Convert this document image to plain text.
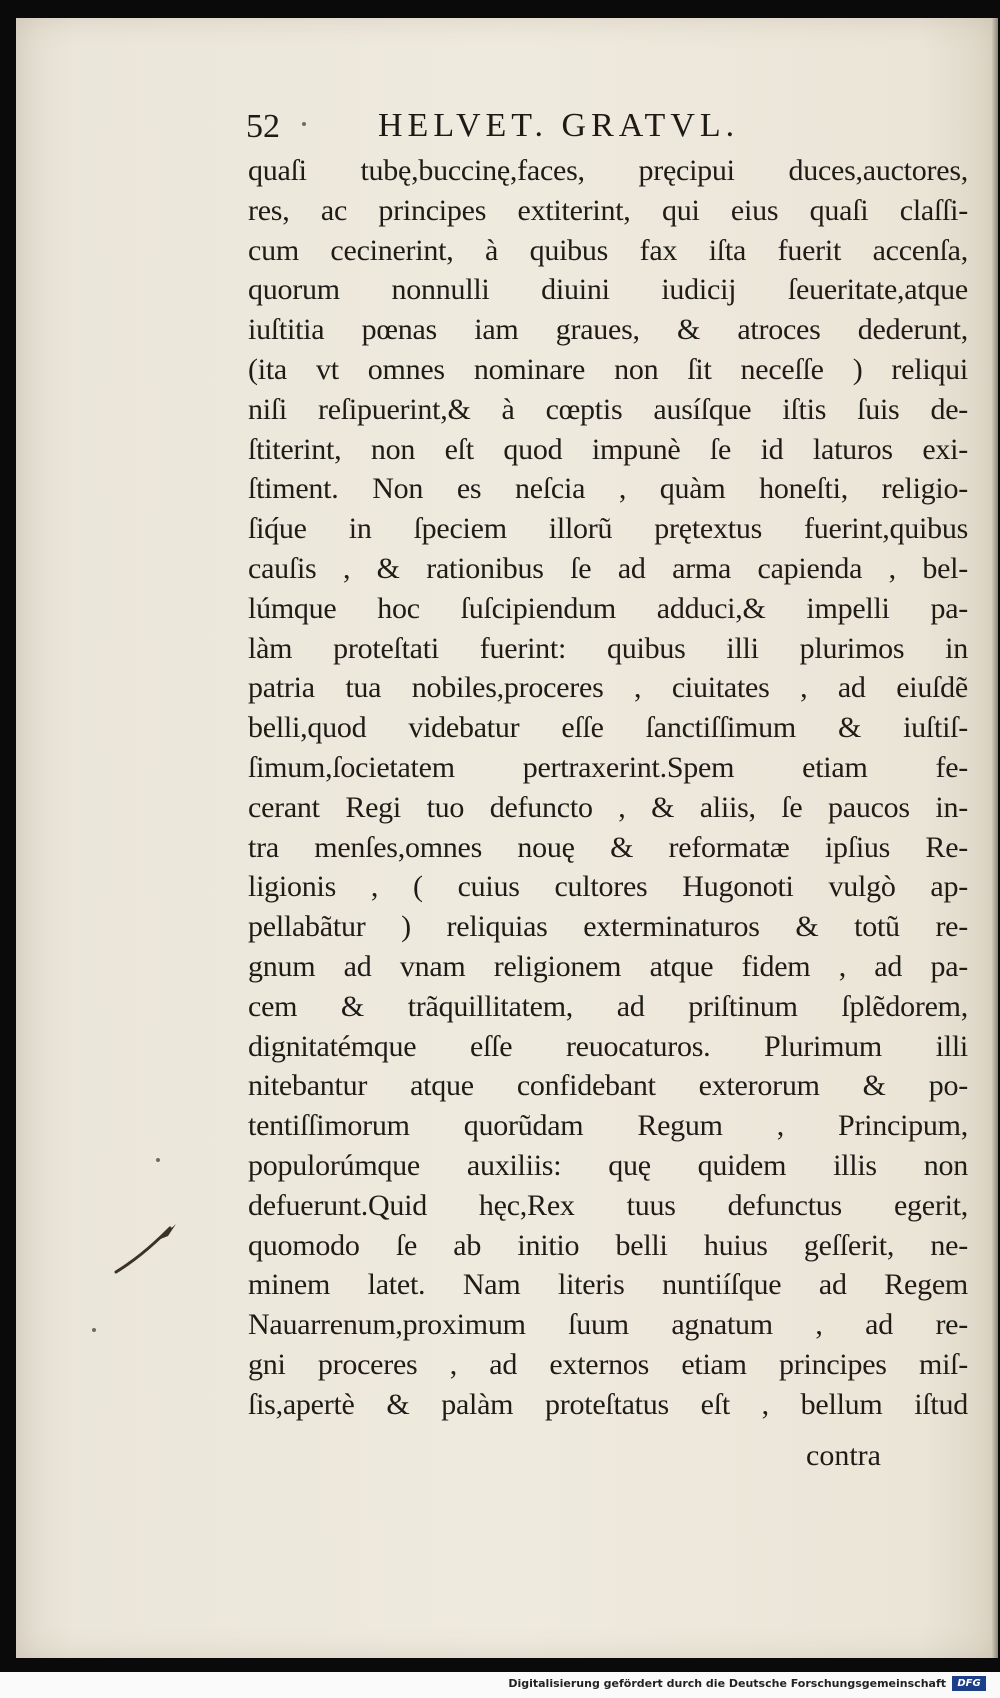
52	HELVET. GRATVL.
quaſi tubę,buccinę,faces, pręcipui duces,auctores,
res, ac principes extiterint, qui eius quaſi claſſi-
cum cecinerint, à quibus fax iſta fuerit accenſa,
quorum nonnulli diuini iudicij ſeueritate,atque
iuſtitia pœnas iam graues, & atroces dederunt,
(ita vt omnes nominare non ſit neceſſe ) reliqui
niſi reſipuerint,& à cœptis ausíſque iſtis ſuis de-
ſtiterint, non eſt quod impunè ſe id laturos exi-
ſtiment. Non es neſcia , quàm honeſti, religio-
ſiq́ue in ſpeciem illorũ prętextus fuerint,quibus
cauſis , & rationibus ſe ad arma capienda , bel-
lúmque hoc ſuſcipiendum adduci,& impelli pa-
làm proteſtati fuerint: quibus illi plurimos in
patria tua nobiles,proceres , ciuitates , ad eiuſdẽ
belli,quod videbatur eſſe ſanctiſſimum & iuſtiſ-
ſimum,ſocietatem pertraxerint.Spem etiam fe-
cerant Regi tuo defuncto , & aliis, ſe paucos in-
tra menſes,omnes nouę & reformatæ ipſius Re-
ligionis , ( cuius cultores Hugonoti vulgò ap-
pellabãtur ) reliquias exterminaturos & totũ re-
gnum ad vnam religionem atque fidem , ad pa-
cem & trãquillitatem, ad priſtinum ſplẽdorem,
dignitatémque eſſe reuocaturos. Plurimum illi
nitebantur atque confidebant exterorum & po-
tentiſſimorum quorũdam Regum , Principum,
populorúmque auxiliis: quę quidem illis non
defuerunt.Quid hęc,Rex tuus defunctus egerit,
quomodo ſe ab initio belli huius geſſerit, ne-
minem latet. Nam literis nuntiíſque ad Regem
Nauarrenum,proximum ſuum agnatum , ad re-
gni proceres , ad externos etiam principes miſ-
ſis,apertè & palàm proteſtatus eſt , bellum iſtud
contra
Digitalisierung gefördert durch die Deutsche Forschungsgemeinschaft	DFG
